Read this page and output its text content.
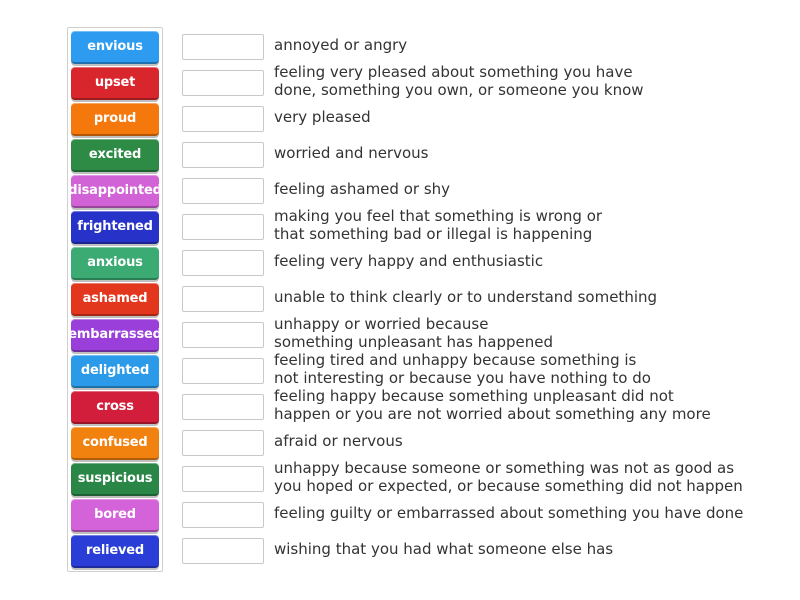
envious
upset
proud
excited
disappointed
frightened
anxious
ashamed
embarrassed
delighted
cross
confused
suspicious
bored
relieved
annoyed or angry
feeling very pleased about something you have
done, something you own, or someone you know
very pleased
worried and nervous
feeling ashamed or shy
making you feel that something is wrong or
that something bad or illegal is happening
feeling very happy and enthusiastic
unable to think clearly or to understand something
unhappy or worried because
something unpleasant has happened
feeling tired and unhappy because something is
not interesting or because you have nothing to do
feeling happy because something unpleasant did not
happen or you are not worried about something any more
afraid or nervous
unhappy because someone or something was not as good as
you hoped or expected, or because something did not happen
feeling guilty or embarrassed about something you have done
wishing that you had what someone else has
